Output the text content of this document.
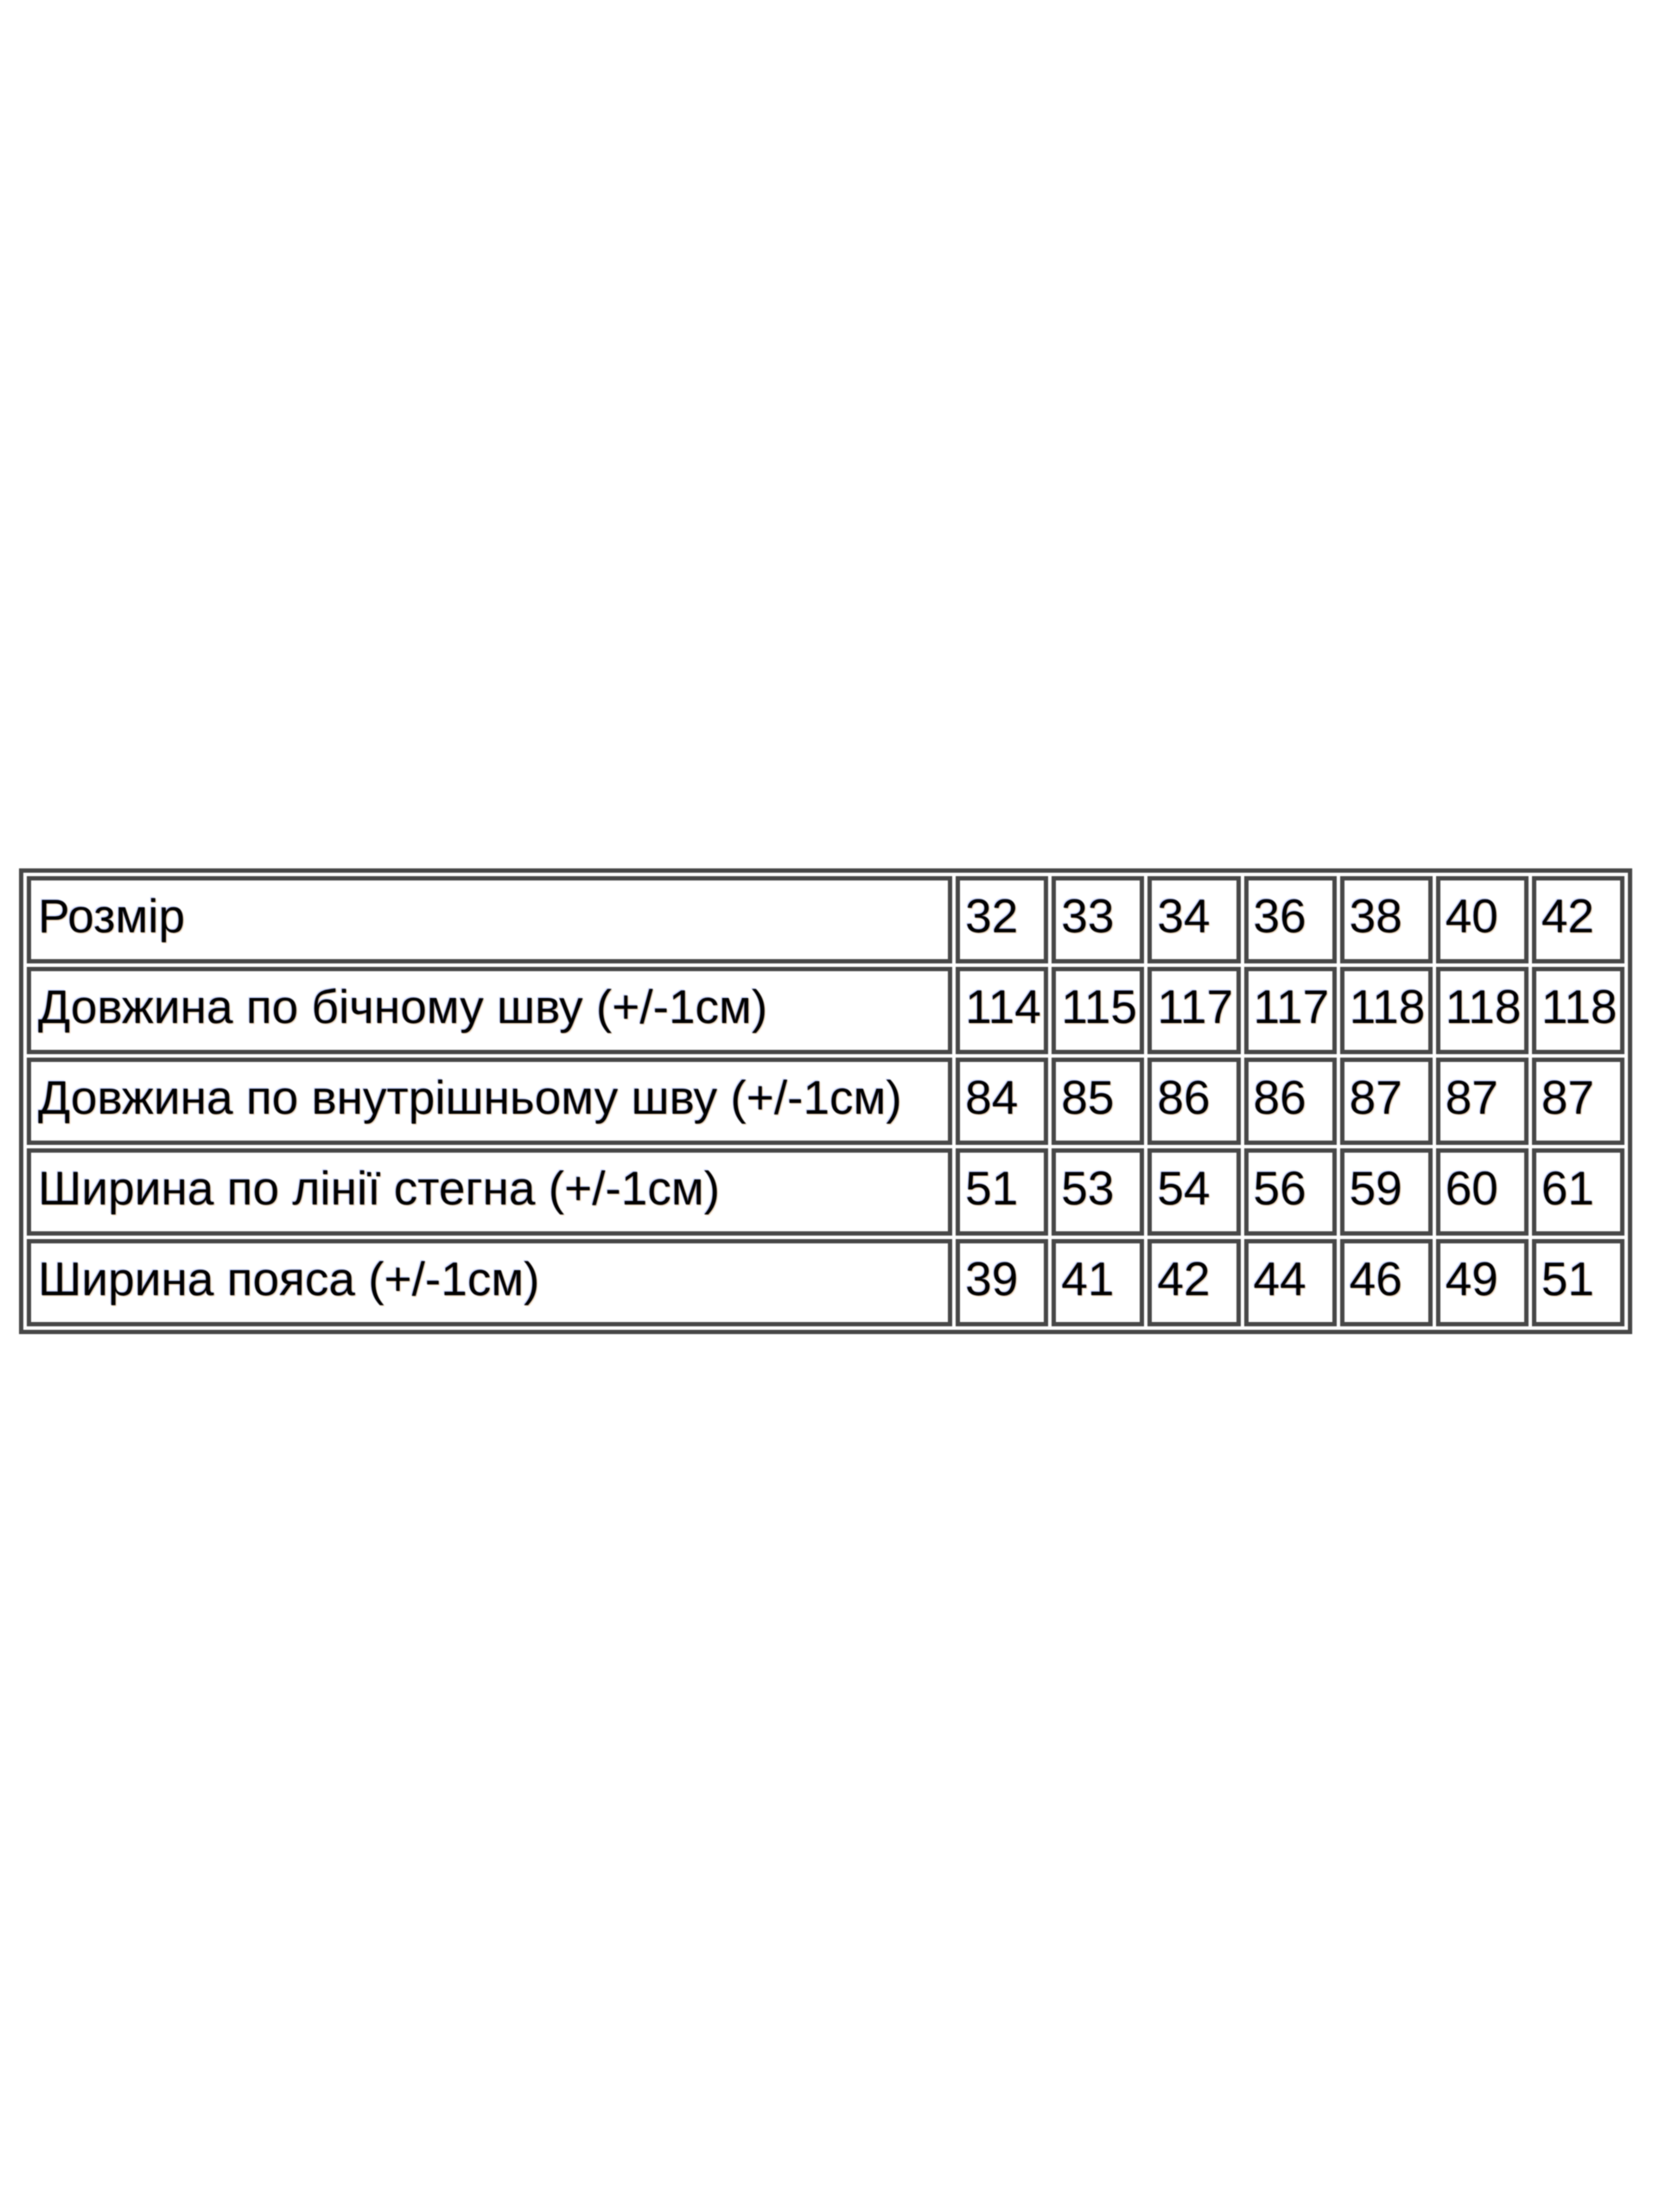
Розмір	32	33	34	36	38	40	42
Довжина по бічному шву (+/-1см)	114	115	117	117	118	118	118
Довжина по внутрішньому шву (+/-1см)	84	85	86	86	87	87	87
Ширина по лінії стегна (+/-1см)	51	53	54	56	59	60	61
Ширина пояса (+/-1см)	39	41	42	44	46	49	51
